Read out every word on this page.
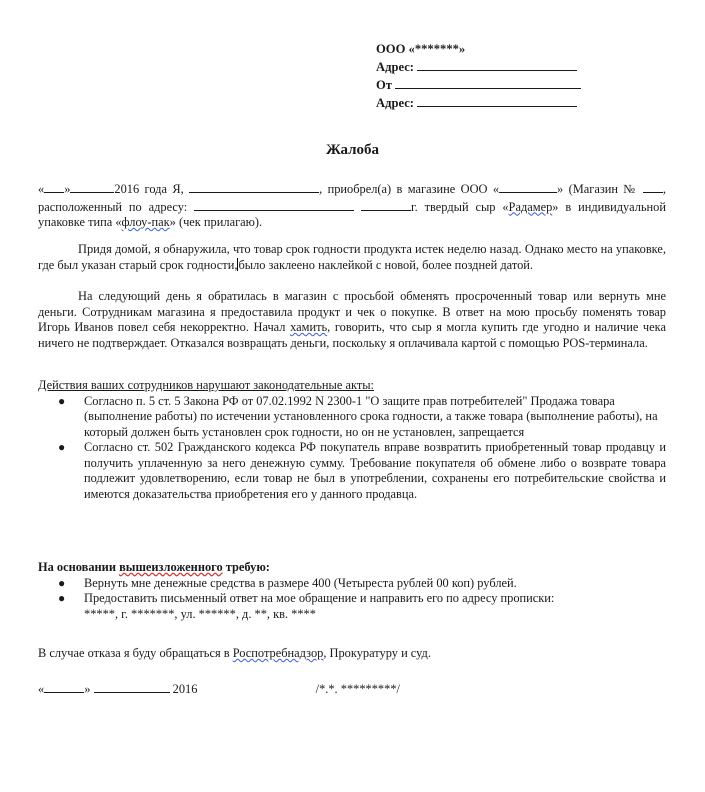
ООО «*******»
Адрес:
От
Адрес:
Жалоба

« »	2016 года Я,	, приобрел(а) в магазине ООО «	» (Магазин № , расположенный по адресу:	г. твердый сыр «Радамер» в индивидуальной упаковке типа «флоу-пак» (чек прилагаю).

Придя домой, я обнаружила, что товар срок годности продукта истек неделю назад. Однако место на упаковке, где был указан старый срок годности,было заклеено наклейкой с новой, более поздней датой.

На следующий день я обратилась в магазин с просьбой обменять просроченный товар или вернуть мне деньги. Сотрудникам магазина я предоставила продукт и чек о покупке. В ответ на мою просьбу поменять товар Игорь Иванов повел себя некорректно. Начал хамить, говорить, что сыр я могла купить где угодно и наличие чека ничего не подтверждает. Отказался возвращать деньги, поскольку я оплачивала картой с помощью POS-терминала.

Действия ваших сотрудников нарушают законодательные акты:

● Согласно п. 5 ст. 5 Закона РФ от 07.02.1992 N 2300-1 "О защите прав потребителей" Продажа товара (выполнение работы) по истечении установленного срока годности, а также товара (выполнение работы), на который должен быть установлен срок годности, но он не установлен, запрещается
● Согласно ст. 502 Гражданского кодекса РФ покупатель вправе возвратить приобретенный товар продавцу и получить уплаченную за него денежную сумму. Требование покупателя об обмене либо о возврате товара подлежит удовлетворению, если товар не был в употреблении, сохранены его потребительские свойства и имеются доказательства приобретения его у данного продавца.

На основании вышеизложенного требую:

● Вернуть мне денежные средства в размере 400 (Четыреста рублей 00 коп) рублей.
● Предоставить письменный ответ на мое обращение и направить его по адресу прописки:
*****, г. *******, ул. ******, д. **, кв. ****

В случае отказа я буду обращаться в Роспотребнадзор, Прокуратуру и суд.

«	»	2016	/*.*. *********/
